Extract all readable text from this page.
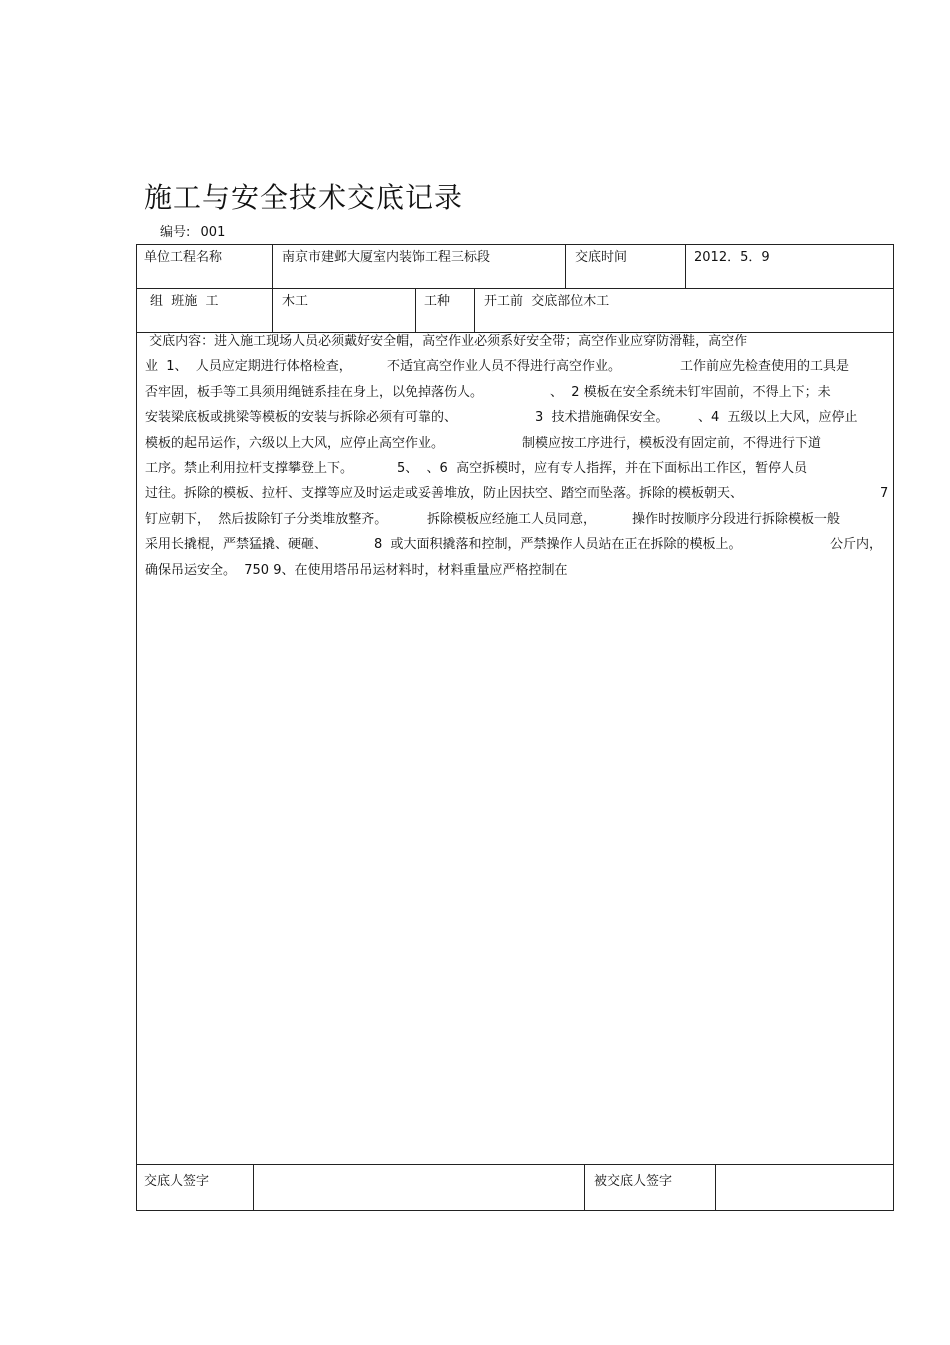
施工与安全技术交底记录
编号: 001
单位工程名称	南京市建邺大厦室内装饰工程三标段	交底时间	2012．5．9
组  班施  工	木工	工种	开工前  交底部位木工
交底内容：进入施工现场人员必须戴好安全帽，高空作业必须系好安全带；高空作业应穿防滑鞋，高空作
业  1、  人员应定期进行体格检查，	不适宜高空作业人员不得进行高空作业。	工作前应先检查使用的工具是
否牢固，板手等工具须用绳链系挂在身上，以免掉落伤人。	、  2 模板在安全系统未钉牢固前，不得上下；未
安装梁底板或挑梁等模板的安装与拆除必须有可靠的、	3  技术措施确保安全。 、4  五级以上大风，应停止
模板的起吊运作，六级以上大风，应停止高空作业。	制模应按工序进行，模板没有固定前，不得进行下道
工序。禁止利用拉杆支撑攀登上下。	5、  、6  高空拆模时，应有专人指挥，并在下面标出工作区，暂停人员
过往。拆除的模板、拉杆、支撑等应及时运走或妥善堆放，防止因扶空、踏空而坠落。拆除的模板朝天、	7
钉应朝下，  然后拔除钉子分类堆放整齐。	拆除模板应经施工人员同意，	操作时按顺序分段进行拆除模板一般
采用长撬棍，严禁猛撬、硬砸、	8  或大面积撬落和控制，严禁操作人员站在正在拆除的模板上。	公斤内，
确保吊运安全。  750 9、在使用塔吊吊运材料时，材料重量应严格控制在
交底人签字	被交底人签字
